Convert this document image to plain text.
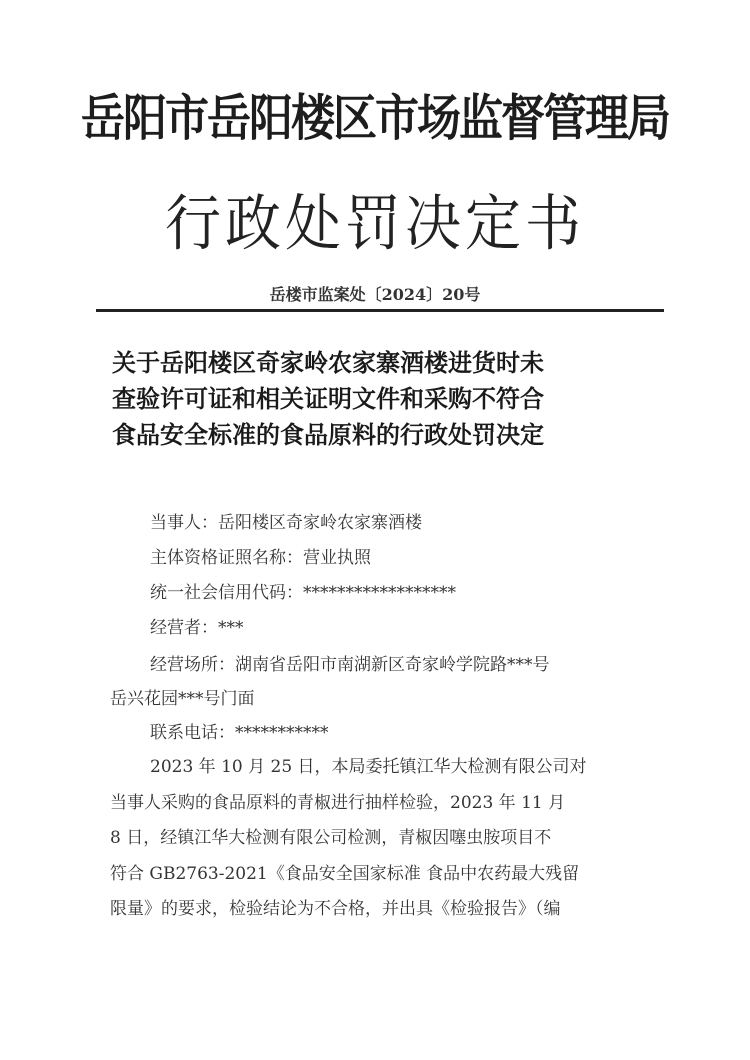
岳阳市岳阳楼区市场监督管理局
行政处罚决定书
岳楼市监案处〔2024〕20号
关于岳阳楼区奇家岭农家寨酒楼进货时未
查验许可证和相关证明文件和采购不符合
食品安全标准的食品原料的行政处罚决定
当事人：岳阳楼区奇家岭农家寨酒楼
主体资格证照名称：营业执照
统一社会信用代码：******************
经营者：***
经营场所：湖南省岳阳市南湖新区奇家岭学院路***号
岳兴花园***号门面
联系电话：***********
2023 年 10 月 25 日，本局委托镇江华大检测有限公司对
当事人采购的食品原料的青椒进行抽样检验，2023 年 11 月
8 日，经镇江华大检测有限公司检测，青椒因噻虫胺项目不
符合 GB2763-2021《食品安全国家标准 食品中农药最大残留
限量》的要求，检验结论为不合格，并出具《检验报告》（编
